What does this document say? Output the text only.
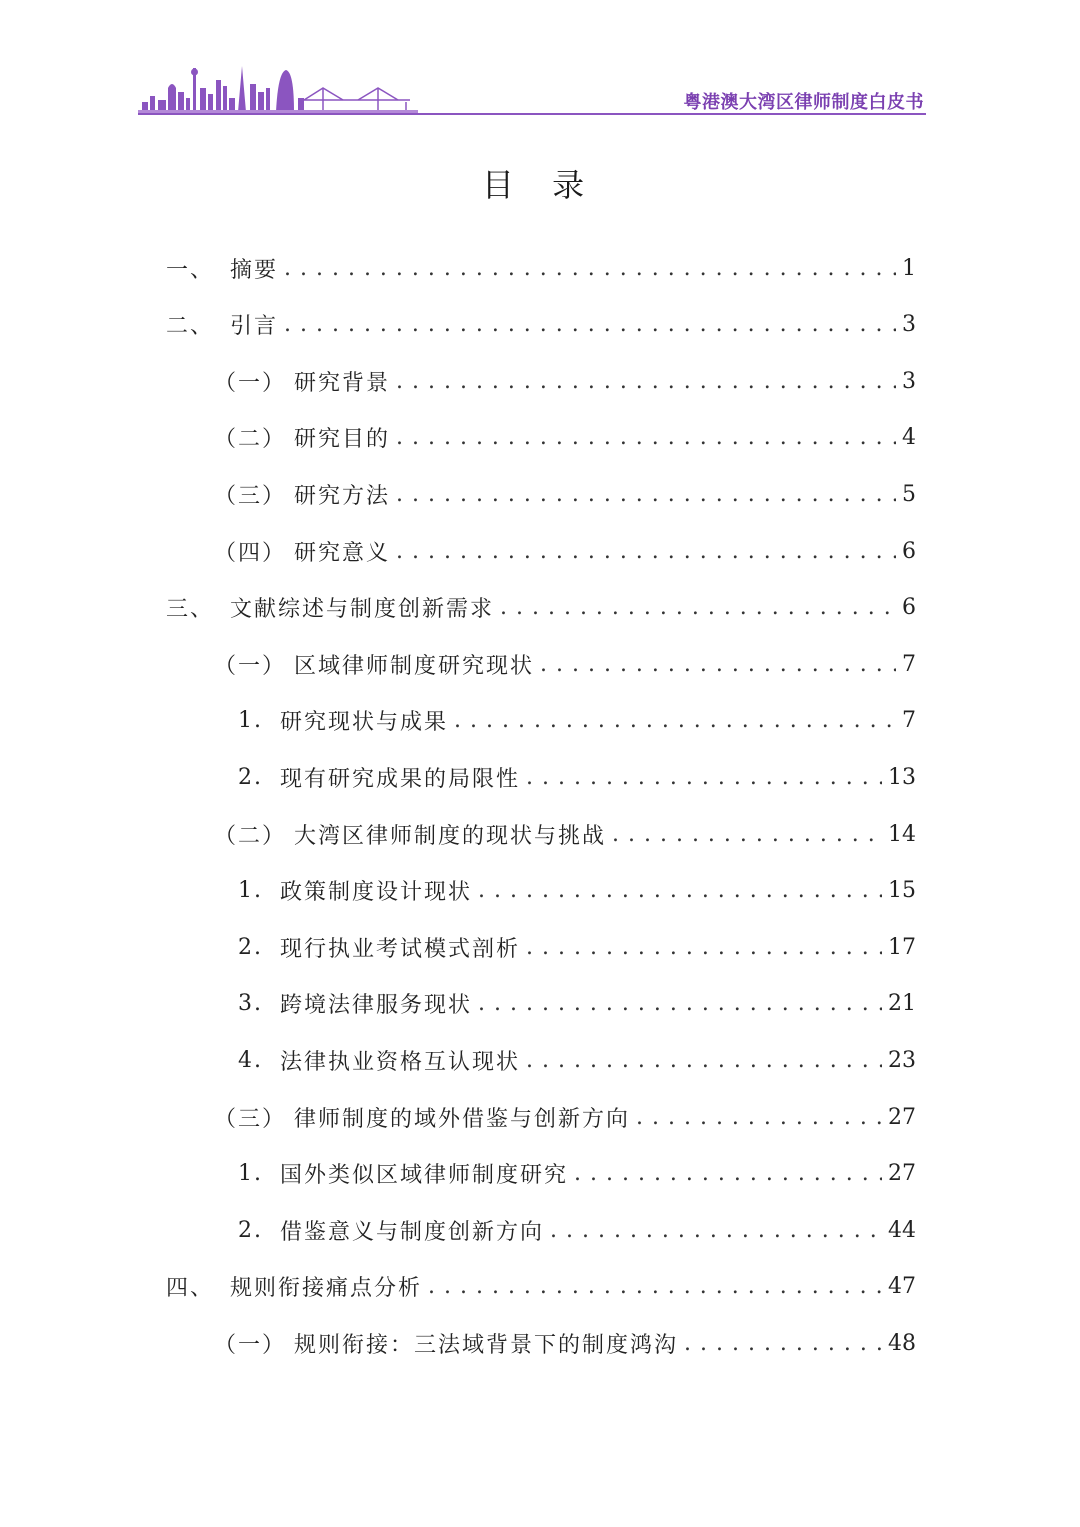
粤港澳大湾区律师制度白皮书
目 录
一、 摘要 . . .	1
二、 引言 . . .	3
（一） 研究背景 . . .	3
（二） 研究目的 . . .	4
（三） 研究方法 . . .	5
（四） 研究意义 . . .	6
三、 文献综述与制度创新需求 . . .	6
（一） 区域律师制度研究现状 . . .	7
1. 研究现状与成果 . . .	7
2. 现有研究成果的局限性 . . .	13
（二） 大湾区律师制度的现状与挑战 . . .	14
1. 政策制度设计现状 . . .	15
2. 现行执业考试模式剖析 . . .	17
3. 跨境法律服务现状 . . .	21
4. 法律执业资格互认现状 . . .	23
（三） 律师制度的域外借鉴与创新方向 . . .	27
1. 国外类似区域律师制度研究 . . .	27
2. 借鉴意义与制度创新方向 . . .	44
四、 规则衔接痛点分析 . . .	47
（一） 规则衔接：三法域背景下的制度鸿沟 . . .	48
